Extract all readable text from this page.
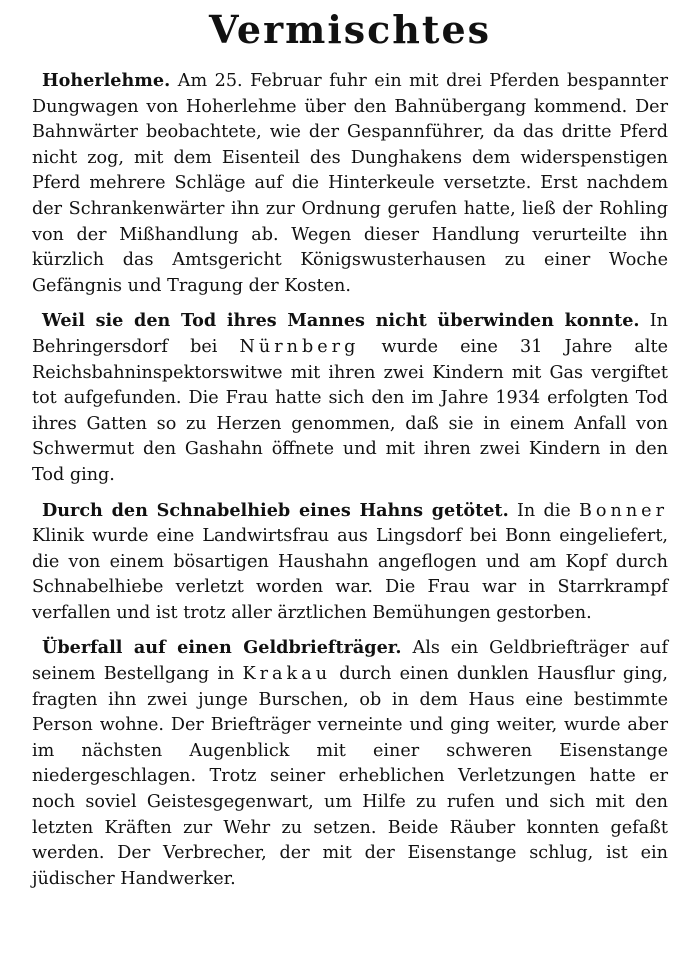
Vermischtes

Hoherlehme. Am 25. Februar fuhr ein mit drei Pferden bespannter Dungwagen von Hoherlehme über den Bahnübergang kommend. Der Bahnwärter beobachtete, wie der Gespannführer, da das dritte Pferd nicht zog, mit dem Eisenteil des Dunghakens dem widerspenstigen Pferd mehrere Schläge auf die Hinterkeule versetzte. Erst nachdem der Schrankenwärter ihn zur Ordnung gerufen hatte, ließ der Rohling von der Mißhandlung ab. Wegen dieser Handlung verurteilte ihn kürzlich das Amtsgericht Königswusterhausen zu einer Woche Gefängnis und Tragung der Kosten.

Weil sie den Tod ihres Mannes nicht überwinden konnte. In Behringersdorf bei Nürnberg wurde eine 31 Jahre alte Reichsbahninspektorswitwe mit ihren zwei Kindern mit Gas vergiftet tot aufgefunden. Die Frau hatte sich den im Jahre 1934 erfolgten Tod ihres Gatten so zu Herzen genommen, daß sie in einem Anfall von Schwermut den Gashahn öffnete und mit ihren zwei Kindern in den Tod ging.

Durch den Schnabelhieb eines Hahns getötet. In die Bonner Klinik wurde eine Landwirtsfrau aus Lingsdorf bei Bonn eingeliefert, die von einem bösartigen Haushahn angeflogen und am Kopf durch Schnabelhiebe verletzt worden war. Die Frau war in Starrkrampf verfallen und ist trotz aller ärztlichen Bemühungen gestorben.

Überfall auf einen Geldbriefträger. Als ein Geldbriefträger auf seinem Bestellgang in Krakau durch einen dunklen Hausflur ging, fragten ihn zwei junge Burschen, ob in dem Haus eine bestimmte Person wohne. Der Briefträger verneinte und ging weiter, wurde aber im nächsten Augenblick mit einer schweren Eisenstange niedergeschlagen. Trotz seiner erheblichen Verletzungen hatte er noch soviel Geistesgegenwart, um Hilfe zu rufen und sich mit den letzten Kräften zur Wehr zu setzen. Beide Räuber konnten gefaßt werden. Der Verbrecher, der mit der Eisenstange schlug, ist ein jüdischer Handwerker.
